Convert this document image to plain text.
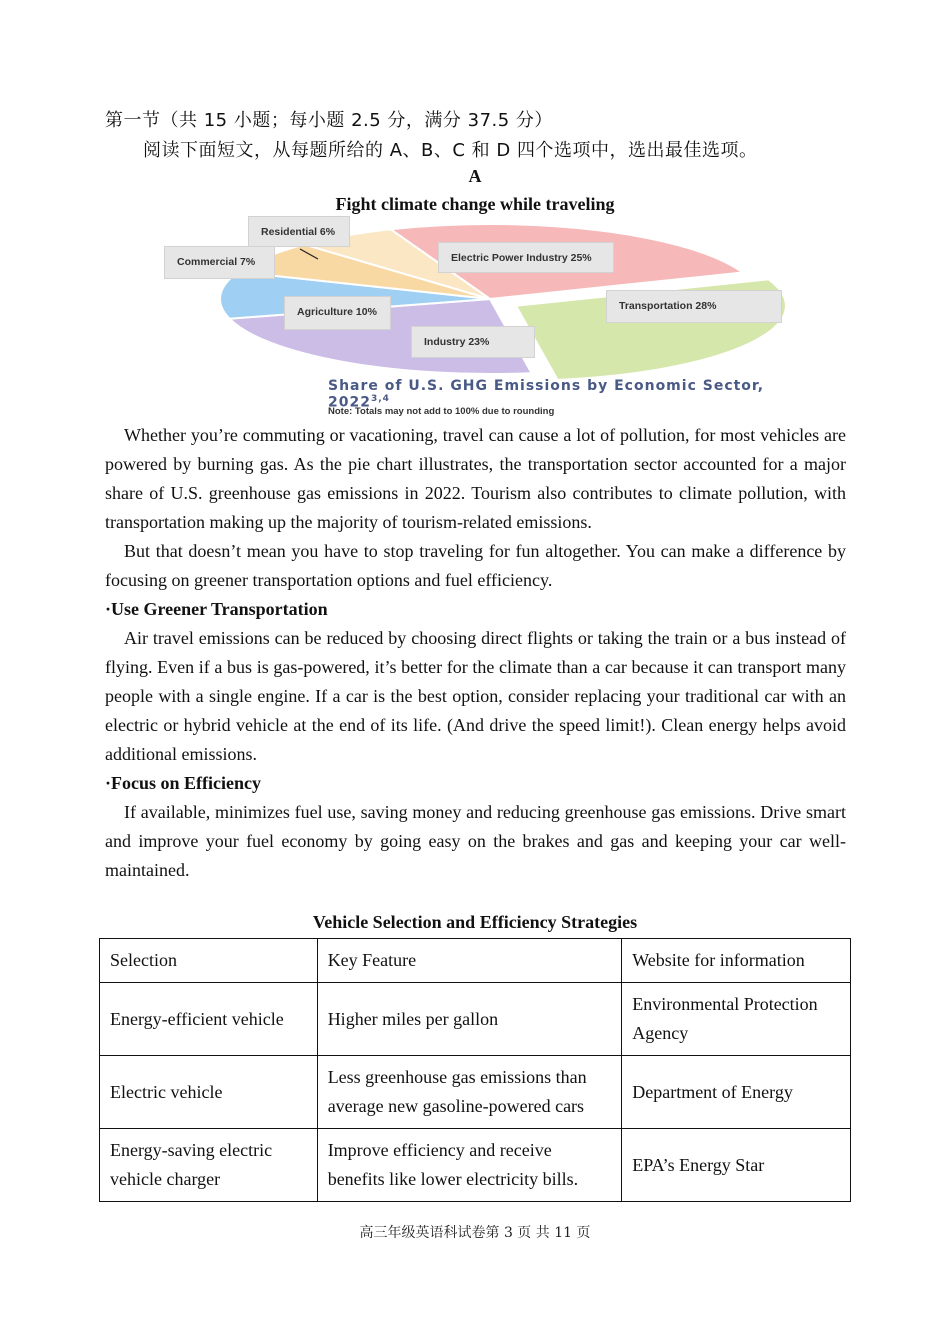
第一节（共 15 小题；每小题 2.5 分，满分 37.5 分）
阅读下面短文，从每题所给的 A、B、C 和 D 四个选项中，选出最佳选项。
A
Fight climate change while traveling
Residential 6%
Commercial 7%	Electric Power Industry 25%
Transportation 28%
Agriculture 10%
Industry 23%
Share of U.S. GHG Emissions by Economic Sector, 2022$^{3,4}$
Note: Totals may not add to 100% due to rounding

Whether you’re commuting or vacationing, travel can cause a lot of pollution, for most vehicles are powered by burning gas. As the pie chart illustrates, the transportation sector accounted for a major share of U.S. greenhouse gas emissions in 2022. Tourism also contributes to climate pollution, with transportation making up the majority of tourism-related emissions.

But that doesn’t mean you have to stop traveling for fun altogether. You can make a difference by focusing on greener transportation options and fuel efficiency.

·Use Greener Transportation

Air travel emissions can be reduced by choosing direct flights or taking the train or a bus instead of flying. Even if a bus is gas-powered, it’s better for the climate than a car because it can transport many people with a single engine. If a car is the best option, consider replacing your traditional car with an electric or hybrid vehicle at the end of its life. (And drive the speed limit!). Clean energy helps avoid additional emissions.

·Focus on Efficiency

If available, minimizes fuel use, saving money and reducing greenhouse gas emissions. Drive smart and improve your fuel economy by going easy on the brakes and gas and keeping your car well-maintained.

Vehicle Selection and Efficiency Strategies
Selection	Key Feature	Website for information
Energy-efficient vehicle	Higher miles per gallon	Environmental Protection Agency
Electric vehicle	Less greenhouse gas emissions than average new gasoline-powered cars	Department of Energy
Energy-saving electric vehicle charger	Improve efficiency and receive benefits like lower electricity bills.	EPA’s Energy Star
高三年级英语科试卷第 3 页 共 11 页
